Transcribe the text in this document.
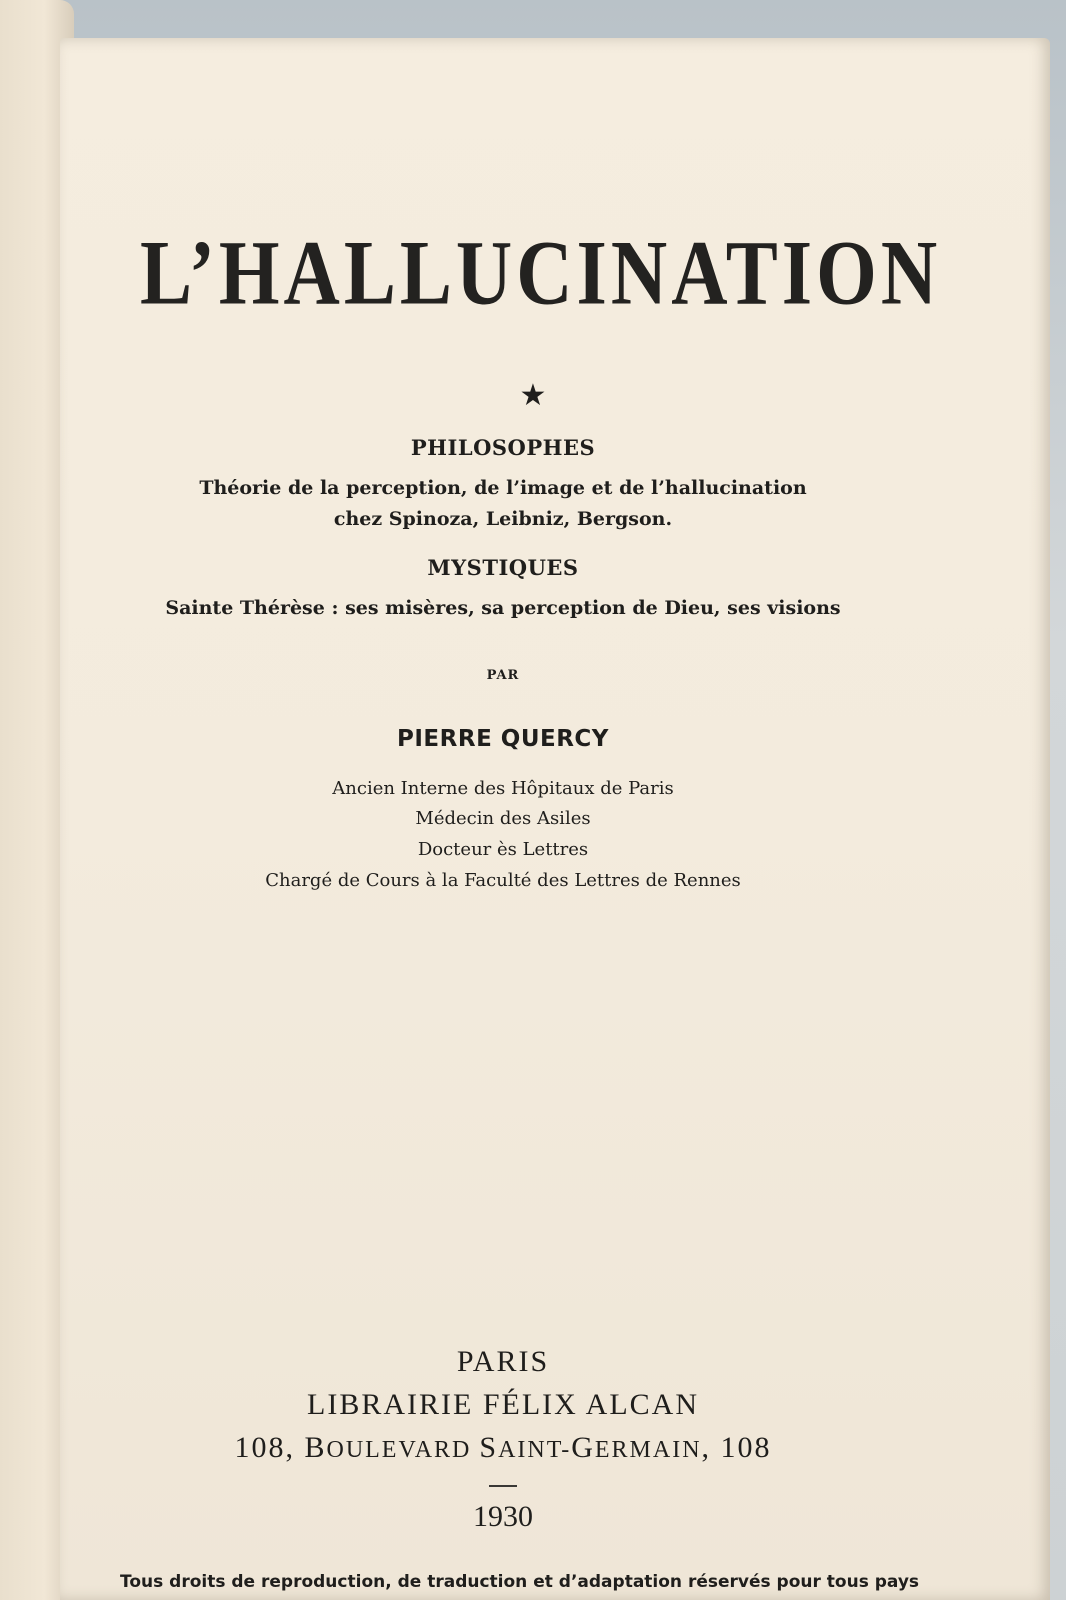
L’HALLUCINATION
★
PHILOSOPHES
Théorie de la perception, de l’image et de l’hallucination
chez Spinoza, Leibniz, Bergson.
MYSTIQUES
Sainte Thérèse : ses misères, sa perception de Dieu, ses visions
PAR
PIERRE QUERCY
Ancien Interne des Hôpitaux de Paris
Médecin des Asiles
Docteur ès Lettres
Chargé de Cours à la Faculté des Lettres de Rennes
PARIS
LIBRAIRIE FÉLIX ALCAN
108, BOULEVARD SAINT-GERMAIN, 108
1930
Tous droits de reproduction, de traduction et d’adaptation réservés pour tous pays
